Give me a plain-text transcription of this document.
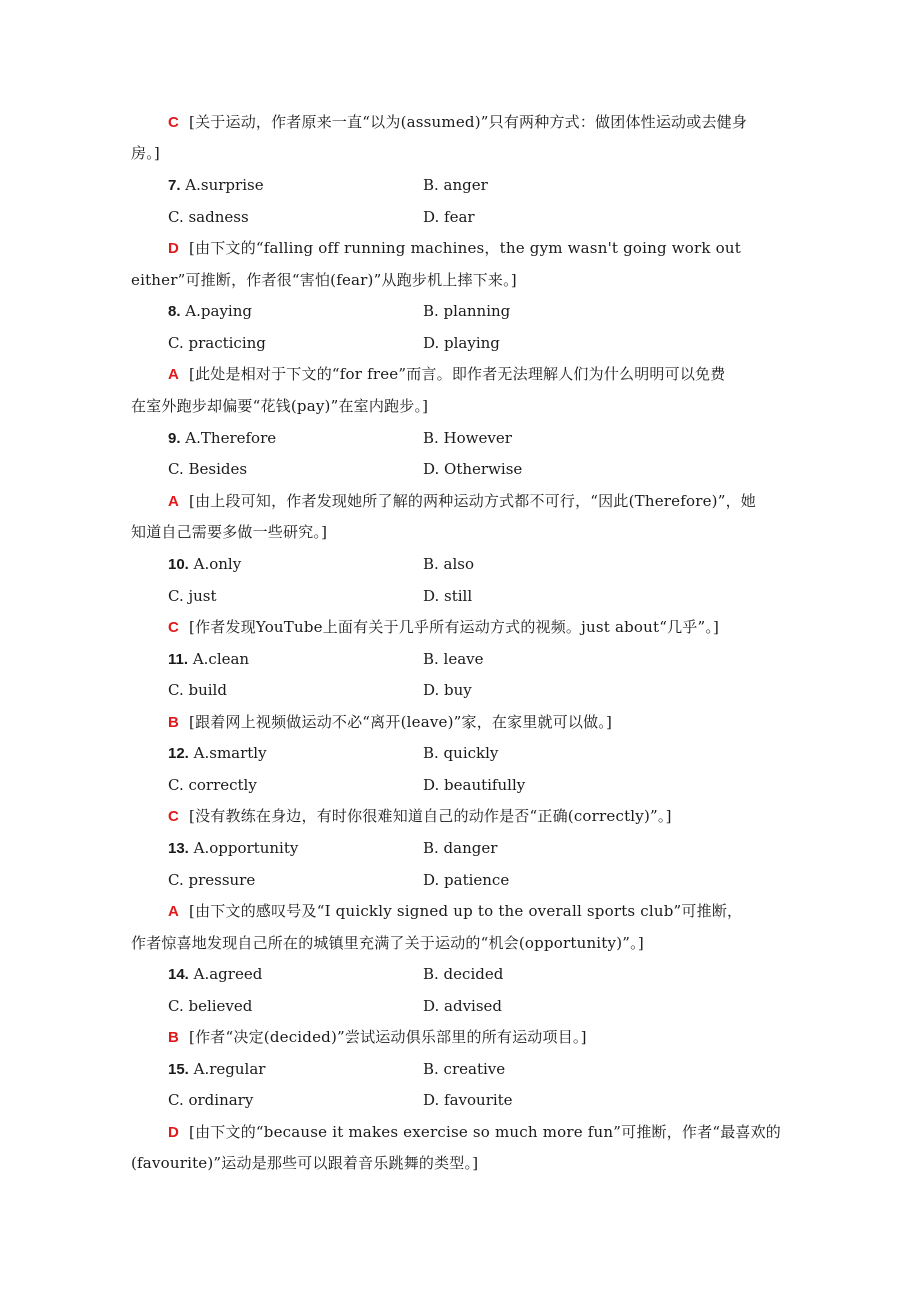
C [关于运动，作者原来一直“以为(assumed)”只有两种方式：做团体性运动或去健身
房。]
7. A.surprise	B. anger
C. sadness	D. fear
D [由下文的“falling off running machines，the gym wasn't going work out
either”可推断，作者很“害怕(fear)”从跑步机上摔下来。]
8. A.paying	B. planning
C. practicing	D. playing
A [此处是相对于下文的“for free”而言。即作者无法理解人们为什么明明可以免费
在室外跑步却偏要“花钱(pay)”在室内跑步。]
9. A.Therefore	B. However
C. Besides	D. Otherwise
A [由上段可知，作者发现她所了解的两种运动方式都不可行，“因此(Therefore)”，她
知道自己需要多做一些研究。]
10. A.only	B. also
C. just	D. still
C [作者发现YouTube上面有关于几乎所有运动方式的视频。just about“几乎”。]
11. A.clean	B. leave
C. build	D. buy
B [跟着网上视频做运动不必“离开(leave)”家，在家里就可以做。]
12. A.smartly	B. quickly
C. correctly	D. beautifully
C [没有教练在身边，有时你很难知道自己的动作是否“正确(correctly)”。]
13. A.opportunity	B. danger
C. pressure	D. patience
A [由下文的感叹号及“I quickly signed up to the overall sports club”可推断，
作者惊喜地发现自己所在的城镇里充满了关于运动的“机会(opportunity)”。]
14. A.agreed	B. decided
C. believed	D. advised
B [作者“决定(decided)”尝试运动俱乐部里的所有运动项目。]
15. A.regular	B. creative
C. ordinary	D. favourite
D [由下文的“because it makes exercise so much more fun”可推断，作者“最喜欢的
(favourite)”运动是那些可以跟着音乐跳舞的类型。]
